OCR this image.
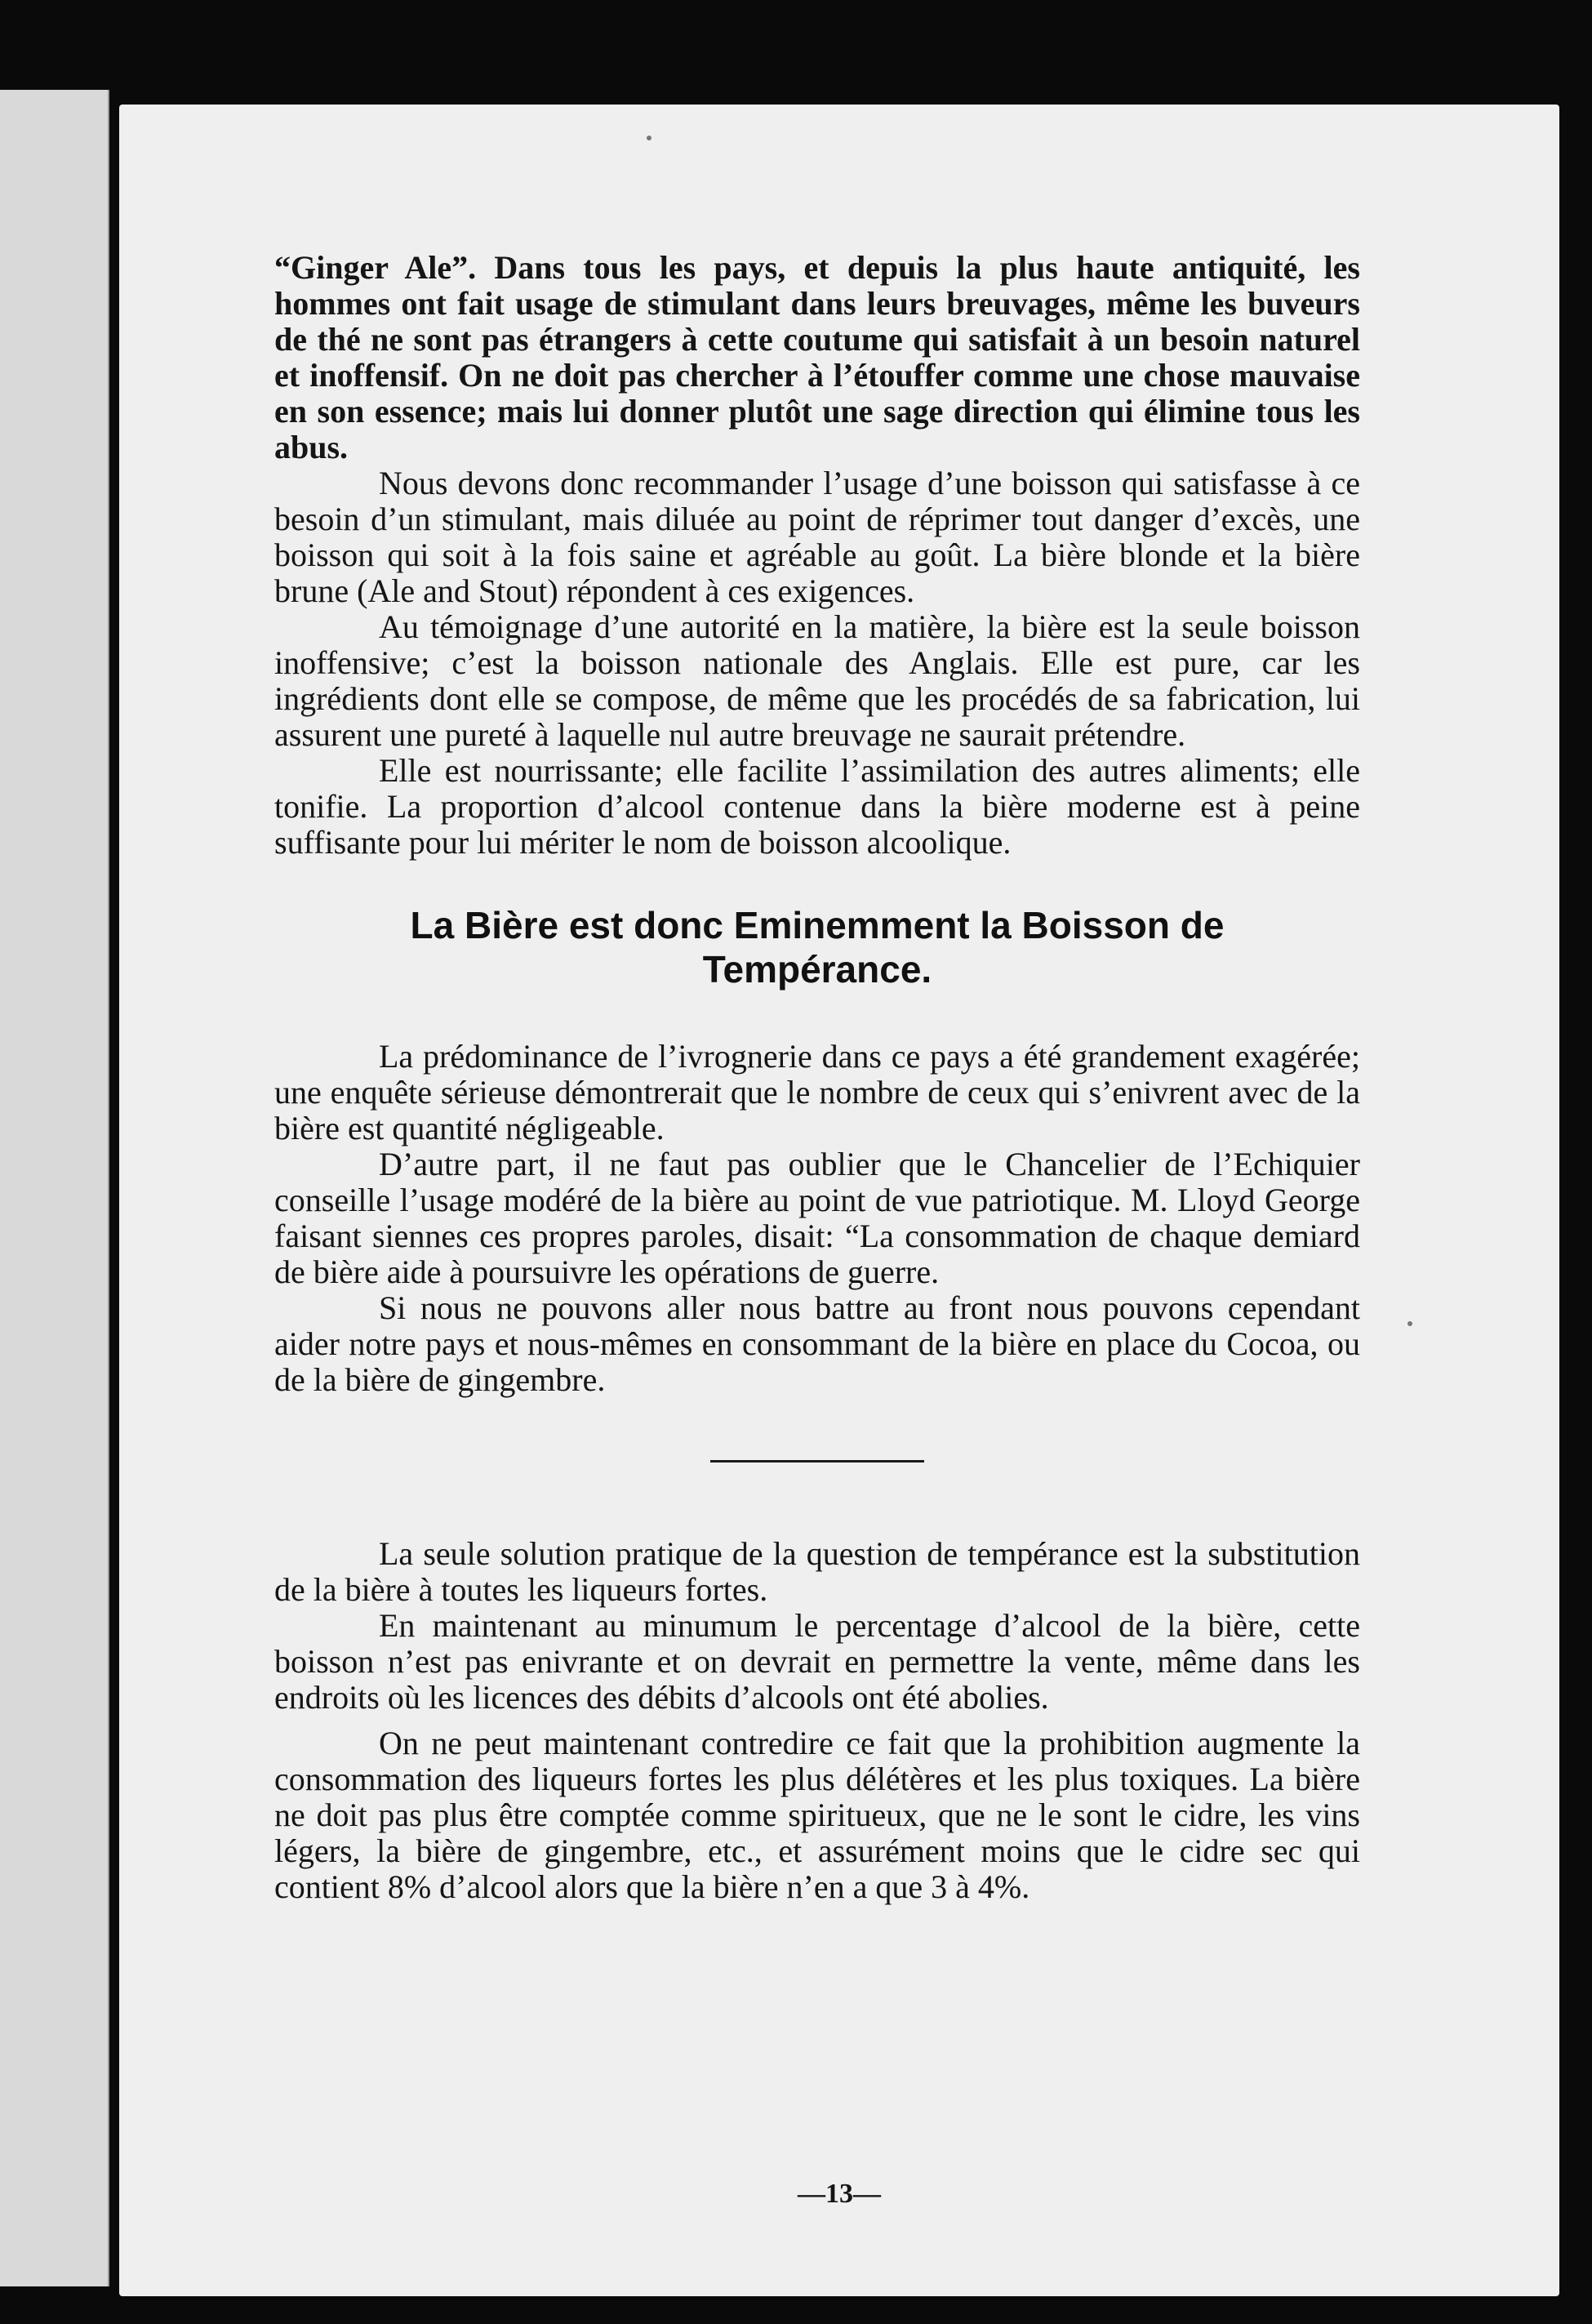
“Ginger Ale”. Dans tous les pays, et depuis la plus haute antiquité, les hommes ont fait usage de stimulant dans leurs breuvages, même les buveurs de thé ne sont pas étrangers à cette coutume qui satisfait à un besoin naturel et inoffensif. On ne doit pas chercher à l’étouffer comme une chose mauvaise en son essence; mais lui donner plutôt une sage direction qui élimine tous les abus.

Nous devons donc recommander l’usage d’une boisson qui satisfasse à ce besoin d’un stimulant, mais diluée au point de réprimer tout danger d’excès, une boisson qui soit à la fois saine et agréable au goût. La bière blonde et la bière brune (Ale and Stout) répondent à ces exigences.

Au témoignage d’une autorité en la matière, la bière est la seule boisson inoffensive; c’est la boisson nationale des Anglais. Elle est pure, car les ingrédients dont elle se compose, de même que les procédés de sa fabrication, lui assurent une pureté à laquelle nul autre breuvage ne saurait prétendre.

Elle est nourrissante; elle facilite l’assimilation des autres aliments; elle tonifie. La proportion d’alcool contenue dans la bière moderne est à peine suffisante pour lui mériter le nom de boisson alcoolique.

La Bière est donc Eminemment la Boisson de
Tempérance.

La prédominance de l’ivrognerie dans ce pays a été grandement exagérée; une enquête sérieuse démontrerait que le nombre de ceux qui s’enivrent avec de la bière est quantité négligeable.

D’autre part, il ne faut pas oublier que le Chancelier de l’Echiquier conseille l’usage modéré de la bière au point de vue patriotique. M. Lloyd George faisant siennes ces propres paroles, disait: “La consommation de chaque demiard de bière aide à poursuivre les opérations de guerre.

Si nous ne pouvons aller nous battre au front nous pouvons cependant aider notre pays et nous-mêmes en consommant de la bière en place du Cocoa, ou de la bière de gingembre.

La seule solution pratique de la question de tempérance est la substitution de la bière à toutes les liqueurs fortes.

En maintenant au minumum le percentage d’alcool de la bière, cette boisson n’est pas enivrante et on devrait en permettre la vente, même dans les endroits où les licences des débits d’alcools ont été abolies.

On ne peut maintenant contredire ce fait que la prohibition augmente la consommation des liqueurs fortes les plus délétères et les plus toxiques. La bière ne doit pas plus être comptée comme spiritueux, que ne le sont le cidre, les vins légers, la bière de gingembre, etc., et assurément moins que le cidre sec qui contient 8% d’alcool alors que la bière n’en a que 3 à 4%.

—13—
